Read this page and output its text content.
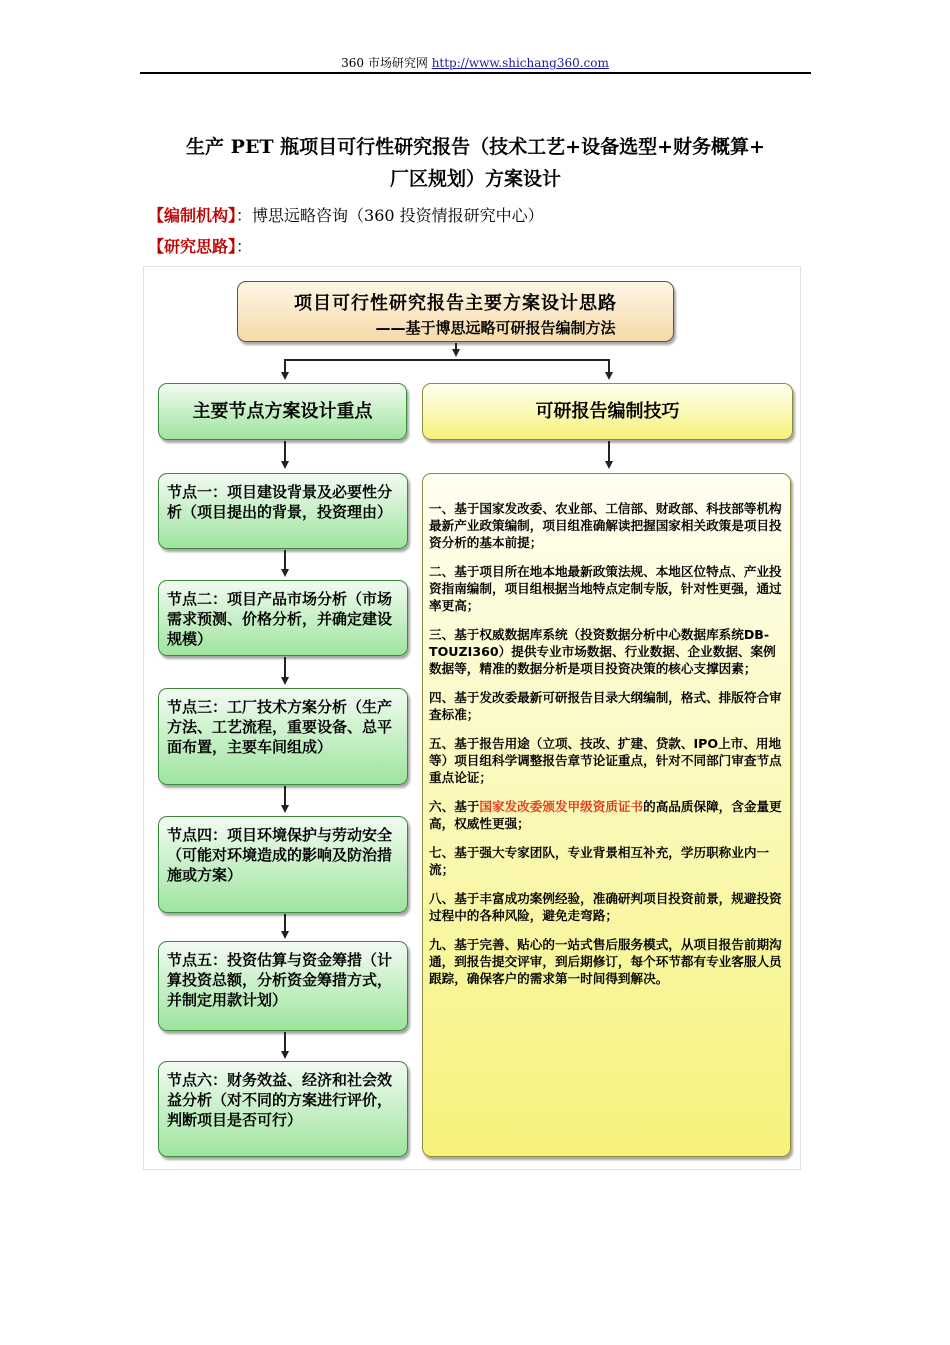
360 市场研究网 http://www.shichang360.com
生产 PET 瓶项目可行性研究报告（技术工艺+设备选型+财务概算+
厂区规划）方案设计
【编制机构】：博思远略咨询（360 投资情报研究中心）
【研究思路】：
项目可行性研究报告主要方案设计思路
——基于博思远略可研报告编制方法
主要节点方案设计重点	可研报告编制技巧
节点一：项目建设背景及必要性分析（项目提出的背景，投资理由）
节点二：项目产品市场分析（市场需求预测、价格分析，并确定建设规模）
节点三：工厂技术方案分析（生产方法、工艺流程，重要设备、总平面布置，主要车间组成）
节点四：项目环境保护与劳动安全（可能对环境造成的影响及防治措施或方案）
节点五：投资估算与资金筹措（计算投资总额，分析资金筹措方式，并制定用款计划）
节点六：财务效益、经济和社会效益分析（对不同的方案进行评价，判断项目是否可行）

一、基于国家发改委、农业部、工信部、财政部、科技部等机构最新产业政策编制，项目组准确解读把握国家相关政策是项目投资分析的基本前提；

二、基于项目所在地本地最新政策法规、本地区位特点、产业投资指南编制，项目组根据当地特点定制专版，针对性更强，通过率更高；

三、基于权威数据库系统（投资数据分析中心数据库系统DB-TOUZI360）提供专业市场数据、行业数据、企业数据、案例数据等，精准的数据分析是项目投资决策的核心支撑因素；

四、基于发改委最新可研报告目录大纲编制，格式、排版符合审查标准；

五、基于报告用途（立项、技改、扩建、贷款、IPO上市、用地等）项目组科学调整报告章节论证重点，针对不同部门审查节点重点论证；

六、基于国家发改委颁发甲级资质证书的高品质保障，含金量更高，权威性更强；

七、基于强大专家团队，专业背景相互补充，学历职称业内一流；

八、基于丰富成功案例经验，准确研判项目投资前景，规避投资过程中的各种风险，避免走弯路；

九、基于完善、贴心的一站式售后服务模式，从项目报告前期沟通，到报告提交评审，到后期修订，每个环节都有专业客服人员跟踪，确保客户的需求第一时间得到解决。
